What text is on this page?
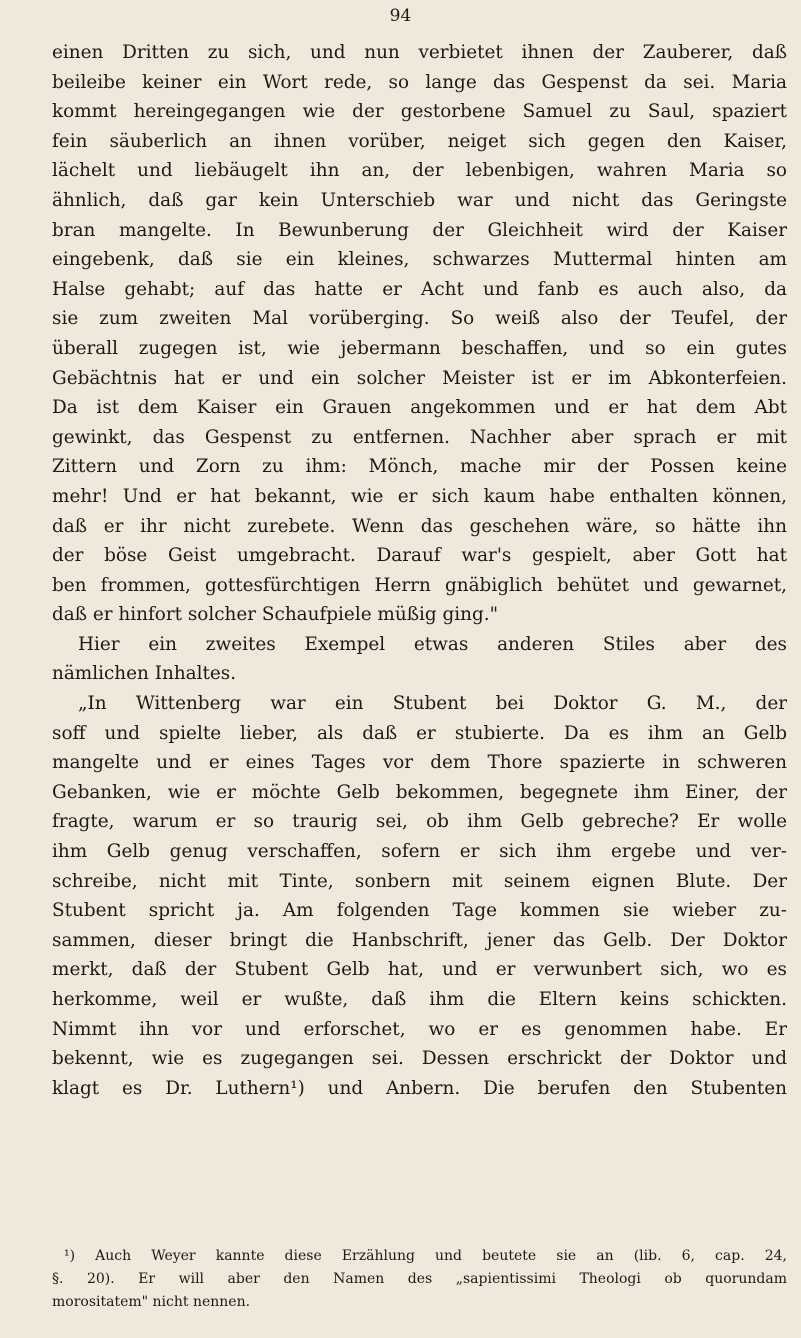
94
einen Dritten zu sich, und nun verbietet ihnen der Zauberer, daß
beileibe keiner ein Wort rede, so lange das Gespenst da sei. Maria
kommt hereingegangen wie der gestorbene Samuel zu Saul, spaziert
fein säuberlich an ihnen vorüber, neiget sich gegen den Kaiser,
lächelt und liebäugelt ihn an, der lebenbigen, wahren Maria so
ähnlich, daß gar kein Unterschieb war und nicht das Geringste
bran mangelte. In Bewunberung der Gleichheit wird der Kaiser
eingebenk, daß sie ein kleines, schwarzes Muttermal hinten am
Halse gehabt; auf das hatte er Acht und fanb es auch also, da
sie zum zweiten Mal vorüberging. So weiß also der Teufel, der
überall zugegen ist, wie jebermann beschaffen, und so ein gutes
Gebächtnis hat er und ein solcher Meister ist er im Abkonterfeien.
Da ist dem Kaiser ein Grauen angekommen und er hat dem Abt
gewinkt, das Gespenst zu entfernen. Nachher aber sprach er mit
Zittern und Zorn zu ihm: Mönch, mache mir der Possen keine
mehr! Und er hat bekannt, wie er sich kaum habe enthalten können,
daß er ihr nicht zurebete. Wenn das geschehen wäre, so hätte ihn
der böse Geist umgebracht. Darauf war's gespielt, aber Gott hat
ben frommen, gottesfürchtigen Herrn gnäbiglich behütet und gewarnet,
daß er hinfort solcher Schaufpiele müßig ging."
Hier ein zweites Exempel etwas anderen Stiles aber des
nämlichen Inhaltes.
„In Wittenberg war ein Stubent bei Doktor G. M., der
soff und spielte lieber, als daß er stubierte. Da es ihm an Gelb
mangelte und er eines Tages vor dem Thore spazierte in schweren
Gebanken, wie er möchte Gelb bekommen, begegnete ihm Einer, der
fragte, warum er so traurig sei, ob ihm Gelb gebreche? Er wolle
ihm Gelb genug verschaffen, sofern er sich ihm ergebe und ver-
schreibe, nicht mit Tinte, sonbern mit seinem eignen Blute. Der
Stubent spricht ja. Am folgenden Tage kommen sie wieber zu-
sammen, dieser bringt die Hanbschrift, jener das Gelb. Der Doktor
merkt, daß der Stubent Gelb hat, und er verwunbert sich, wo es
herkomme, weil er wußte, daß ihm die Eltern keins schickten.
Nimmt ihn vor und erforschet, wo er es genommen habe. Er
bekennt, wie es zugegangen sei. Dessen erschrickt der Doktor und
klagt es Dr. Luthern¹) und Anbern. Die berufen den Stubenten
¹) Auch Weyer kannte diese Erzählung und beutete sie an (lib. 6, cap. 24,
§. 20). Er will aber den Namen des „sapientissimi Theologi ob quorundam
morositatem" nicht nennen.
